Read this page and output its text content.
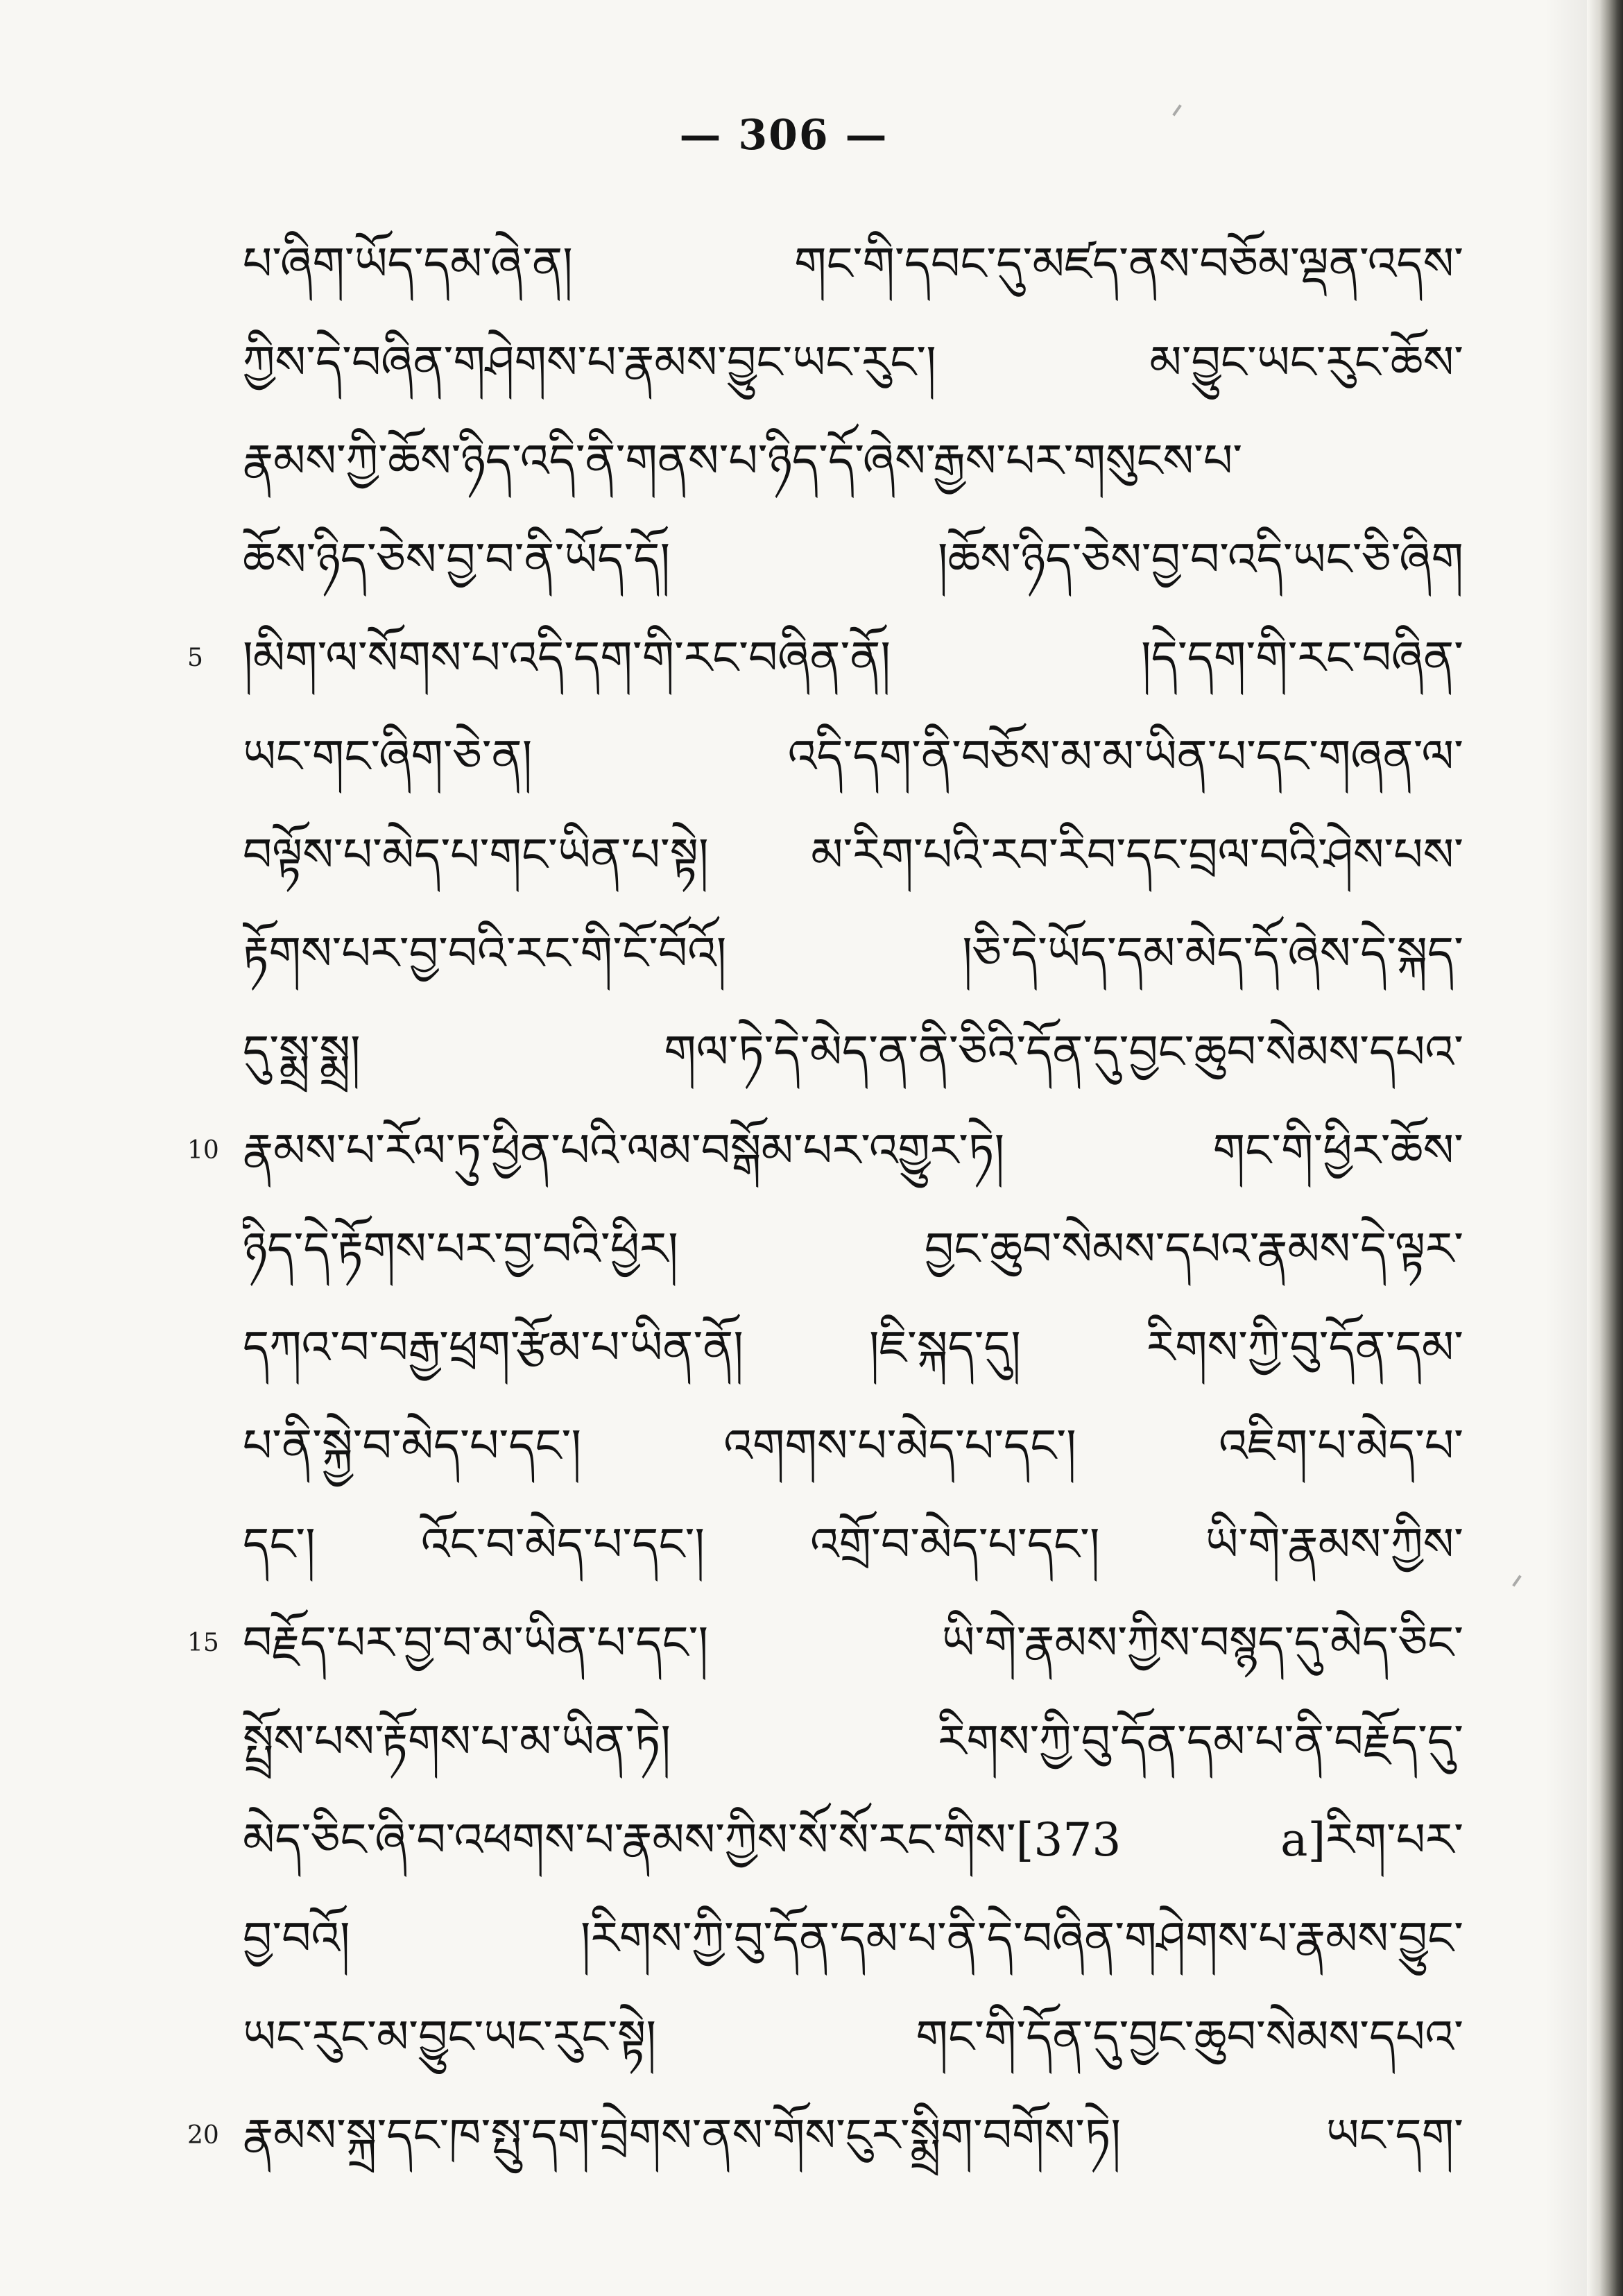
— 306 —
5
10
15
20
པ་ཞིག་ཡོད་དམ་ཞེ་ན། གང་གི་དབང་དུ་མཛད་ནས་བཅོམ་ལྡན་འདས་
ཀྱིས་དེ་བཞིན་གཤེགས་པ་རྣམས་བྱུང་ཡང་རུང་། མ་བྱུང་ཡང་རུང་ཆོས་
རྣམས་ཀྱི་ཆོས་ཉིད་འདི་ནི་གནས་པ་ཉིད་དོ་ཞེས་རྒྱས་པར་གསུངས་པ་
ཆོས་ཉིད་ཅེས་བྱ་བ་ནི་ཡོད་དོ། །ཆོས་ཉིད་ཅེས་བྱ་བ་འདི་ཡང་ཅི་ཞིག
།མིག་ལ་སོགས་པ་འདི་དག་གི་རང་བཞིན་ནོ། །དེ་དག་གི་རང་བཞིན་
ཡང་གང་ཞིག་ཅེ་ན། འདི་དག་ནི་བཅོས་མ་མ་ཡིན་པ་དང་གཞན་ལ་
བལྟོས་པ་མེད་པ་གང་ཡིན་པ་སྟེ། མ་རིག་པའི་རབ་རིབ་དང་བྲལ་བའི་ཤེས་པས་
རྟོགས་པར་བྱ་བའི་རང་གི་ངོ་བོའོ། །ཅི་དེ་ཡོད་དམ་མེད་དོ་ཞེས་དེ་སྐད་
དུ་སྨྲ་སྨྲ། གལ་ཏེ་དེ་མེད་ན་ནི་ཅིའི་དོན་དུ་བྱང་ཆུབ་སེམས་དཔའ་
རྣམས་པ་རོལ་ཏུ་ཕྱིན་པའི་ལམ་བསྒོམ་པར་འགྱུར་ཏེ། གང་གི་ཕྱིར་ཆོས་
ཉིད་དེ་རྟོགས་པར་བྱ་བའི་ཕྱིར། བྱང་ཆུབ་སེམས་དཔའ་རྣམས་དེ་ལྟར་
དཀའ་བ་བརྒྱ་ཕྲག་རྩོམ་པ་ཡིན་ནོ། །ཇི་སྐད་དུ། རིགས་ཀྱི་བུ་དོན་དམ་
པ་ནི་སྐྱེ་བ་མེད་པ་དང་། འགགས་པ་མེད་པ་དང་། འཇིག་པ་མེད་པ་
དང་། འོང་བ་མེད་པ་དང་། འགྲོ་བ་མེད་པ་དང་། ཡི་གེ་རྣམས་ཀྱིས་
བརྗོད་པར་བྱ་བ་མ་ཡིན་པ་དང་། ཡི་གེ་རྣམས་ཀྱིས་བསྙད་དུ་མེད་ཅིང་
སྤྲོས་པས་རྟོགས་པ་མ་ཡིན་ཏེ། རིགས་ཀྱི་བུ་དོན་དམ་པ་ནི་བརྗོད་དུ་
མེད་ཅིང་ཞི་བ་འཕགས་པ་རྣམས་ཀྱིས་སོ་སོ་རང་གིས་[373 a]རིག་པར་
བྱ་བའོ། །རིགས་ཀྱི་བུ་དོན་དམ་པ་ནི་དེ་བཞིན་གཤེགས་པ་རྣམས་བྱུང་
ཡང་རུང་མ་བྱུང་ཡང་རུང་སྟེ། གང་གི་དོན་དུ་བྱང་ཆུབ་སེམས་དཔའ་
རྣམས་སྐྲ་དང་ཁ་སྤུ་དག་བྲེགས་ནས་གོས་ངུར་སྨྲིག་བགོས་ཏེ། ཡང་དག་
